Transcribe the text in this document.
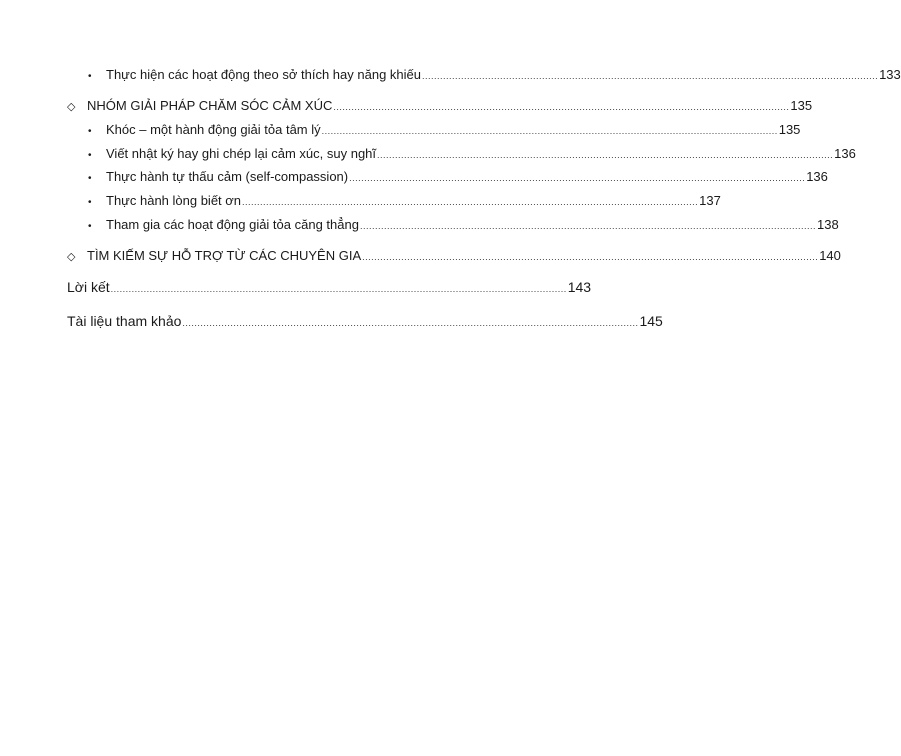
•	Thực hiện các hoạt động theo sở thích hay năng khiếu ........................................................................................................................................................ 133
◇ NHÓM GIẢI PHÁP CHĂM SÓC CẢM XÚC ........................................................................................................................................................ 135
•	Khóc – một hành động giải tỏa tâm lý ........................................................................................................................................................ 135
•	Viết nhật ký hay ghi chép lại cảm xúc, suy nghĩ ........................................................................................................................................................ 136
•	Thực hành tự thấu cảm (self-compassion) ........................................................................................................................................................ 136
•	Thực hành lòng biết ơn ........................................................................................................................................................ 137
•	Tham gia các hoạt động giải tỏa căng thẳng ........................................................................................................................................................ 138
◇ TÌM KIẾM SỰ HỖ TRỢ TỪ CÁC CHUYÊN GIA ........................................................................................................................................................ 140
Lời kết ........................................................................................................................................................ 143
Tài liệu tham khảo ........................................................................................................................................................ 145
